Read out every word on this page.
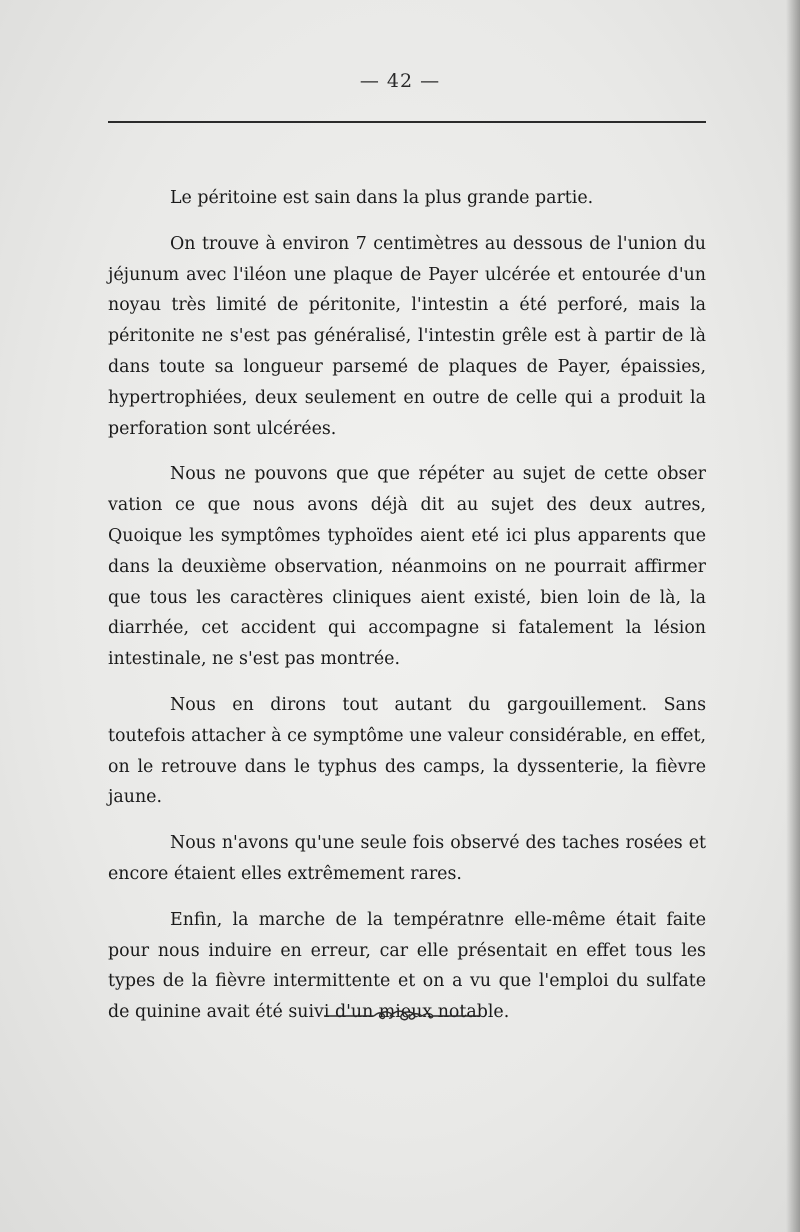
— 42 —

Le péritoine est sain dans la plus grande partie.

On trouve à environ 7 centimètres au dessous de l'union du jéjunum avec l'iléon une plaque de Payer ulcérée et entourée d'un noyau très limité de péritonite, l'intestin a été perforé, mais la péritonite ne s'est pas généralisé, l'intestin grêle est à partir de là dans toute sa longueur parsemé de plaques de Payer, épaissies, hypertrophiées, deux seulement en outre de celle qui a produit la perforation sont ulcérées.

Nous ne pouvons que que répéter au sujet de cette obser vation ce que nous avons déjà dit au sujet des deux autres, Quoique les symptômes typhoïdes aient eté ici plus apparents que dans la deuxième observation, néanmoins on ne pourrait affirmer que tous les caractères cliniques aient existé, bien loin de là, la diarrhée, cet accident qui accompagne si fatalement la lésion intestinale, ne s'est pas montrée.

Nous en dirons tout autant du gargouillement. Sans toutefois attacher à ce symptôme une valeur considérable, en effet, on le retrouve dans le typhus des camps, la dyssenterie, la fièvre jaune.

Nous n'avons qu'une seule fois observé des taches rosées et encore étaient elles extrêmement rares.

Enfin, la marche de la températnre elle-même était faite pour nous induire en erreur, car elle présentait en effet tous les types de la fièvre intermittente et on a vu que l'emploi du sulfate de quinine avait été suivi d'un mieux notable.
